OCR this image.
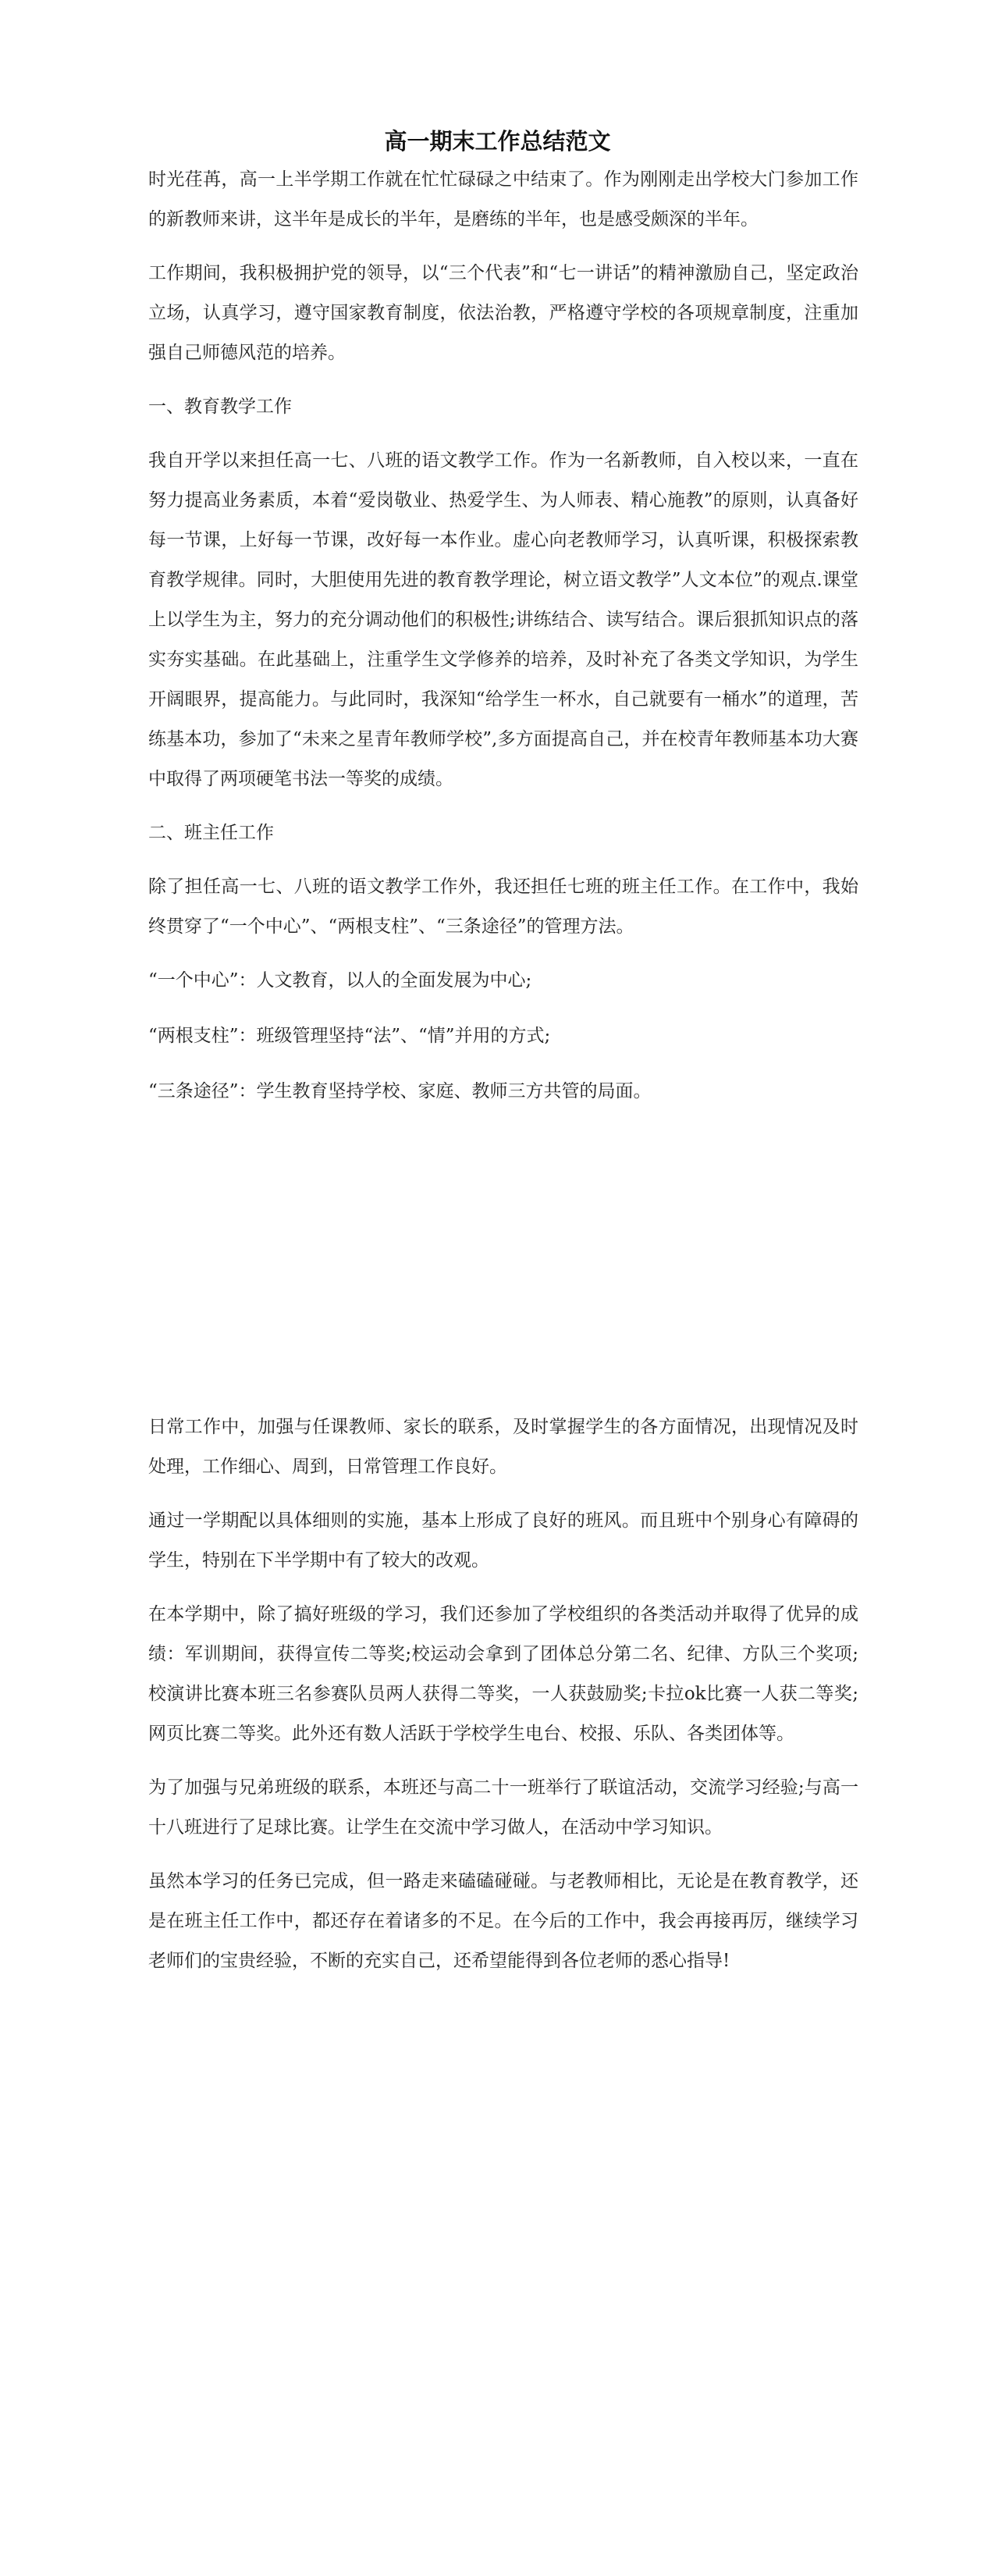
高一期末工作总结范文

时光荏苒，高一上半学期工作就在忙忙碌碌之中结束了。作为刚刚走出学校大门参加工作的新教师来讲，这半年是成长的半年，是磨练的半年，也是感受颇深的半年。

工作期间，我积极拥护党的领导，以“三个代表”和“七一讲话”的精神激励自己，坚定政治立场，认真学习，遵守国家教育制度，依法治教，严格遵守学校的各项规章制度，注重加强自己师德风范的培养。

一、教育教学工作

我自开学以来担任高一七、八班的语文教学工作。作为一名新教师，自入校以来，一直在努力提高业务素质，本着“爱岗敬业、热爱学生、为人师表、精心施教”的原则，认真备好每一节课，上好每一节课，改好每一本作业。虚心向老教师学习，认真听课，积极探索教育教学规律。同时，大胆使用先进的教育教学理论，树立语文教学”人文本位”的观点.课堂上以学生为主，努力的充分调动他们的积极性;讲练结合、读写结合。课后狠抓知识点的落实夯实基础。在此基础上，注重学生文学修养的培养，及时补充了各类文学知识，为学生开阔眼界，提高能力。与此同时，我深知“给学生一杯水，自己就要有一桶水”的道理，苦练基本功，参加了“未来之星青年教师学校”,多方面提高自己，并在校青年教师基本功大赛中取得了两项硬笔书法一等奖的成绩。

二、班主任工作

除了担任高一七、八班的语文教学工作外，我还担任七班的班主任工作。在工作中，我始终贯穿了“一个中心”、“两根支柱”、“三条途径”的管理方法。

“一个中心”：人文教育，以人的全面发展为中心;

“两根支柱”：班级管理坚持“法”、“情”并用的方式;

“三条途径”：学生教育坚持学校、家庭、教师三方共管的局面。

日常工作中，加强与任课教师、家长的联系，及时掌握学生的各方面情况，出现情况及时处理，工作细心、周到，日常管理工作良好。

通过一学期配以具体细则的实施，基本上形成了良好的班风。而且班中个别身心有障碍的学生，特别在下半学期中有了较大的改观。

在本学期中，除了搞好班级的学习，我们还参加了学校组织的各类活动并取得了优异的成绩：军训期间，获得宣传二等奖;校运动会拿到了团体总分第二名、纪律、方队三个奖项;校演讲比赛本班三名参赛队员两人获得二等奖，一人获鼓励奖;卡拉ok比赛一人获二等奖;网页比赛二等奖。此外还有数人活跃于学校学生电台、校报、乐队、各类团体等。

为了加强与兄弟班级的联系，本班还与高二十一班举行了联谊活动，交流学习经验;与高一十八班进行了足球比赛。让学生在交流中学习做人，在活动中学习知识。

虽然本学习的任务已完成，但一路走来磕磕碰碰。与老教师相比，无论是在教育教学，还是在班主任工作中，都还存在着诸多的不足。在今后的工作中，我会再接再厉，继续学习老师们的宝贵经验，不断的充实自己，还希望能得到各位老师的悉心指导!
